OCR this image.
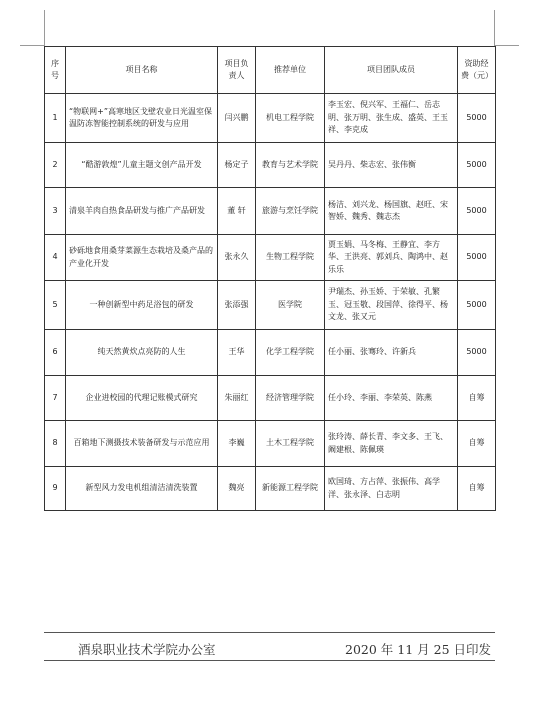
序号	项目名称	项目负责人	推荐单位	项目团队成员	资助经费（元）
1	“物联网+”高寒地区戈壁农业日光温室保温防冻智能控制系统的研发与应用	闫兴鹏	机电工程学院	李玉宏、倪兴军、王福仁、岳志明、张万明、张生成、盛英、王玉祥、李克成	5000
2	“酷游敦煌”儿童主题文创产品开发	杨定子	教育与艺术学院	吴丹丹、柴志宏、张伟衡	5000
3	清泉羊肉自热食品研发与推广产品研发	董 轩	旅游与烹饪学院	杨洁、刘兴龙、杨国旗、赵旺、宋智娇、魏秀、魏志杰	5000
4	砂砾地食用桑芽菜源生态栽培及桑产品的产业化开发	张永久	生物工程学院	贾玉娟、马冬梅、王静宜、李方华、王洪亮、郭刘兵、陶鸿中、赵乐乐	5000
5	一种创新型中药足浴包的研发	张添强	医学院	尹瑞杰、孙玉娇、于荣敏、孔繁玉、冠玉敬、段国萍、徐得平、杨文龙、张又元	5000
6	纯天然黄炊点亮防的人生	王华	化学工程学院	任小丽、张骞玲、许新兵	5000
7	企业进校园的代理记账模式研究	朱丽红	经济管理学院	任小玲、李丽、李荣英、陈燕	自筹
8	百箱地下测摄技术装备研发与示范应用	李巍	土木工程学院	张玲涛、薛长青、李文多、王飞、阚建根、陈佩瑛	自筹
9	新型风力发电机组清洁清洗装置	魏亮	新能源工程学院	欧国琦、方占萍、张振伟、高学洋、张永泽、白志明	自筹
酒泉职业技术学院办公室	2020 年 11 月 25 日印发
